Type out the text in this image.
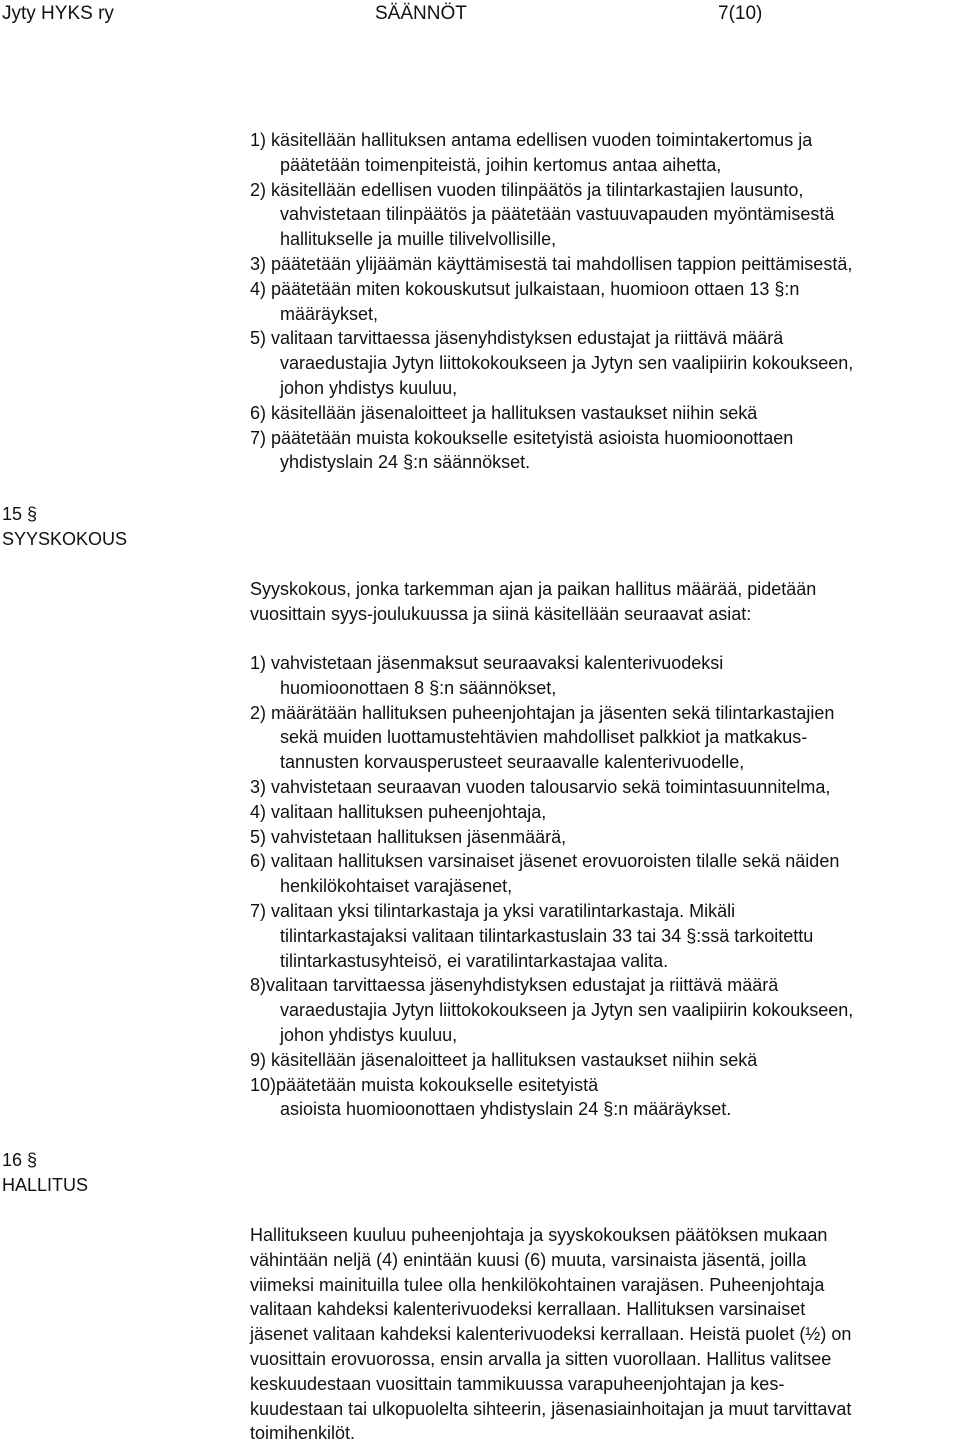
Jyty HYKS ry	SÄÄNNÖT	7(10)
1) käsitellään hallituksen antama edellisen vuoden toimintakertomus ja
päätetään toimenpiteistä, joihin kertomus antaa aihetta,
2) käsitellään edellisen vuoden tilinpäätös ja tilintarkastajien lausunto,
vahvistetaan tilinpäätös ja päätetään vastuuvapauden myöntämisestä
hallitukselle ja muille tilivelvollisille,
3) päätetään ylijäämän käyttämisestä tai mahdollisen tappion peittämisestä,
4) päätetään miten kokouskutsut julkaistaan, huomioon ottaen 13 §:n
määräykset,
5) valitaan tarvittaessa jäsenyhdistyksen edustajat ja riittävä määrä
varaedustajia Jytyn liittokokoukseen ja Jytyn sen vaalipiirin kokoukseen,
johon yhdistys kuuluu,
6) käsitellään jäsenaloitteet ja hallituksen vastaukset niihin sekä
7) päätetään muista kokoukselle esitetyistä asioista huomioonottaen
yhdistyslain 24 §:n säännökset.
15 §
SYYSKOKOUS
Syyskokous, jonka tarkemman ajan ja paikan hallitus määrää, pidetään
vuosittain syys-joulukuussa ja siinä käsitellään seuraavat asiat:
1) vahvistetaan jäsenmaksut seuraavaksi kalenterivuodeksi
huomioonottaen 8 §:n säännökset,
2) määrätään hallituksen puheenjohtajan ja jäsenten sekä tilintarkastajien
sekä muiden luottamustehtävien mahdolliset palkkiot ja matkakus-
tannusten korvausperusteet seuraavalle kalenterivuodelle,
3) vahvistetaan seuraavan vuoden talousarvio sekä toimintasuunnitelma,
4) valitaan hallituksen puheenjohtaja,
5) vahvistetaan hallituksen jäsenmäärä,
6) valitaan hallituksen varsinaiset jäsenet erovuoroisten tilalle sekä näiden
henkilökohtaiset varajäsenet,
7) valitaan yksi tilintarkastaja ja yksi varatilintarkastaja. Mikäli
tilintarkastajaksi valitaan tilintarkastuslain 33 tai 34 §:ssä tarkoitettu
tilintarkastusyhteisö, ei varatilintarkastajaa valita.
8)valitaan tarvittaessa jäsenyhdistyksen edustajat ja riittävä määrä
varaedustajia Jytyn liittokokoukseen ja Jytyn sen vaalipiirin kokoukseen,
johon yhdistys kuuluu,
9) käsitellään jäsenaloitteet ja hallituksen vastaukset niihin sekä
10)päätetään muista kokoukselle esitetyistä
asioista huomioonottaen yhdistyslain 24 §:n määräykset.
16 §
HALLITUS
Hallitukseen kuuluu puheenjohtaja ja syyskokouksen päätöksen mukaan
vähintään neljä (4) enintään kuusi (6) muuta, varsinaista jäsentä, joilla
viimeksi mainituilla tulee olla henkilökohtainen varajäsen. Puheenjohtaja
valitaan kahdeksi kalenterivuodeksi kerrallaan. Hallituksen varsinaiset
jäsenet valitaan kahdeksi kalenterivuodeksi kerrallaan. Heistä puolet (½) on
vuosittain erovuorossa, ensin arvalla ja sitten vuorollaan. Hallitus valitsee
keskuudestaan vuosittain tammikuussa varapuheenjohtajan ja kes-
kuudestaan tai ulkopuolelta sihteerin, jäsenasiainhoitajan ja muut tarvittavat
toimihenkilöt.
